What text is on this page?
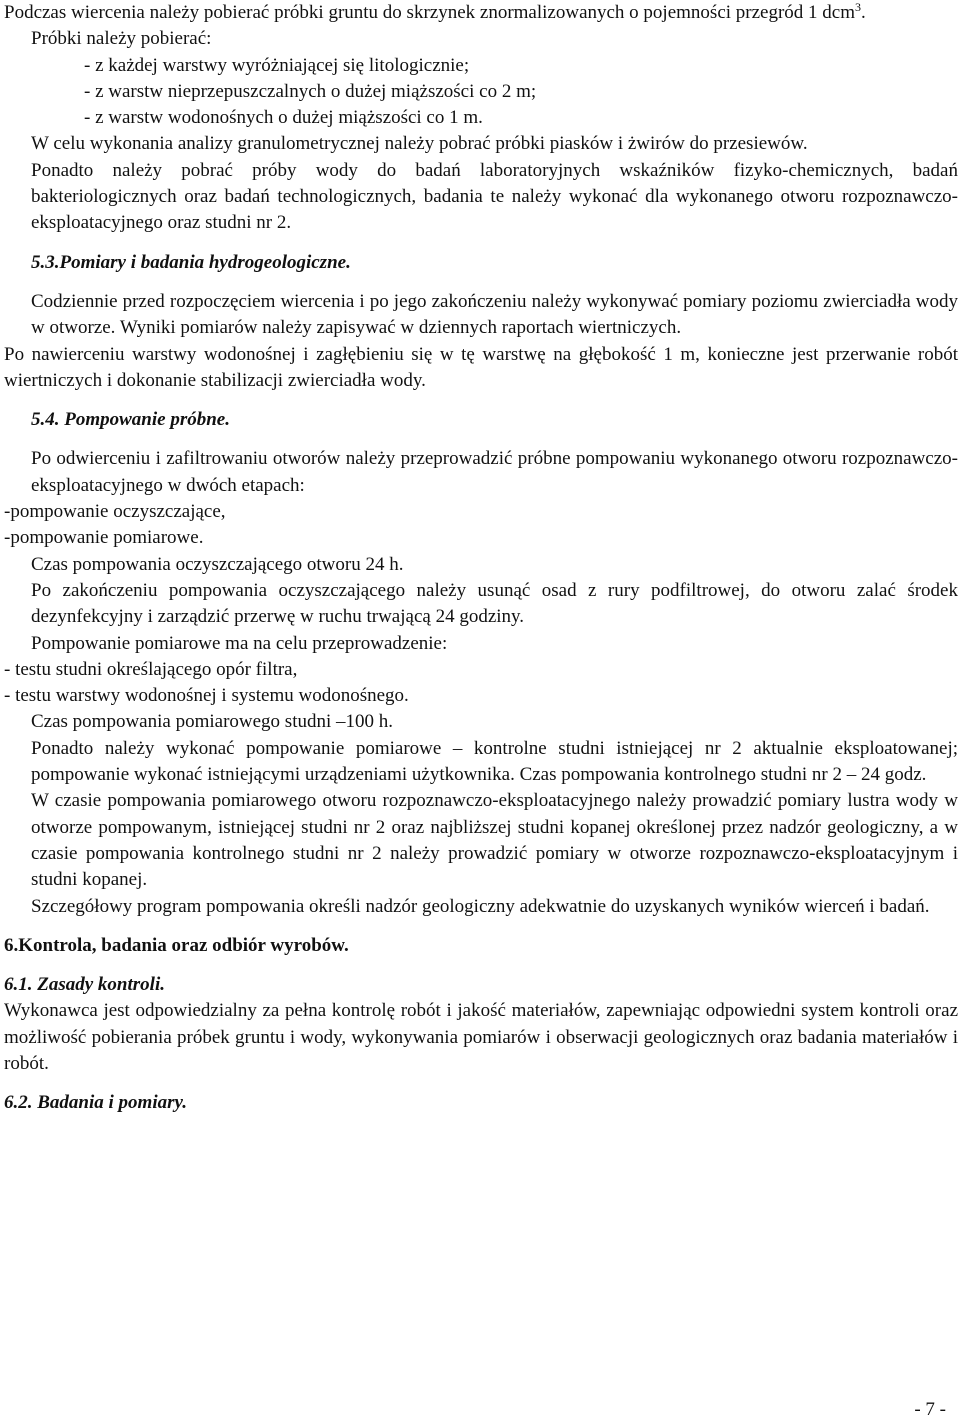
Podczas wiercenia należy pobierać próbki gruntu do skrzynek znormalizowanych o pojemności przegród 1 dcm$^3$.

Próbki należy pobierać:

- z każdej warstwy wyróżniającej się litologicznie;

- z warstw nieprzepuszczalnych o dużej miąższości co 2 m;

- z warstw wodonośnych o dużej miąższości co 1 m.

W celu wykonania analizy granulometrycznej należy pobrać próbki piasków i żwirów do przesiewów.

Ponadto należy pobrać próby wody do badań laboratoryjnych wskaźników fizyko-chemicznych, badań bakteriologicznych oraz badań technologicznych, badania te należy wykonać dla wykonanego otworu rozpoznawczo-eksploatacyjnego oraz studni nr 2.

5.3.Pomiary i badania hydrogeologiczne.

Codziennie przed rozpoczęciem wiercenia i po jego zakończeniu należy wykonywać pomiary poziomu zwierciadła wody w otworze. Wyniki pomiarów należy zapisywać w dziennych raportach wiertniczych.

Po nawierceniu warstwy wodonośnej i zagłębieniu się w tę warstwę na głębokość 1 m, konieczne jest przerwanie robót wiertniczych i dokonanie stabilizacji zwierciadła wody.

5.4. Pompowanie próbne.

Po odwierceniu i zafiltrowaniu otworów należy przeprowadzić próbne pompowaniu wykonanego otworu rozpoznawczo-eksploatacyjnego w dwóch etapach:

-pompowanie oczyszczające,

-pompowanie pomiarowe.

Czas pompowania oczyszczającego otworu 24 h.

Po zakończeniu pompowania oczyszczającego należy usunąć osad z rury podfiltrowej, do otworu zalać środek dezynfekcyjny i zarządzić przerwę w ruchu trwającą 24 godziny.

Pompowanie pomiarowe ma na celu przeprowadzenie:

- testu studni określającego opór filtra,

- testu warstwy wodonośnej i systemu wodonośnego.

Czas pompowania pomiarowego studni –100 h.

Ponadto należy wykonać pompowanie pomiarowe – kontrolne studni istniejącej nr 2 aktualnie eksploatowanej; pompowanie wykonać istniejącymi urządzeniami użytkownika. Czas pompowania kontrolnego studni nr 2 – 24 godz.

W czasie pompowania pomiarowego otworu rozpoznawczo-eksploatacyjnego należy prowadzić pomiary lustra wody w otworze pompowanym, istniejącej studni nr 2 oraz najbliższej studni kopanej określonej przez nadzór geologiczny, a w czasie pompowania kontrolnego studni nr 2 należy prowadzić pomiary w otworze rozpoznawczo-eksploatacyjnym i studni kopanej.

Szczegółowy program pompowania określi nadzór geologiczny adekwatnie do uzyskanych wyników wierceń i badań.

6.Kontrola, badania oraz odbiór wyrobów.

6.1. Zasady kontroli.

Wykonawca jest odpowiedzialny za pełna kontrolę robót i jakość materiałów, zapewniając odpowiedni system kontroli oraz możliwość pobierania próbek gruntu i wody, wykonywania pomiarów i obserwacji geologicznych oraz badania materiałów i robót.

6.2. Badania i pomiary.

- 7 -
